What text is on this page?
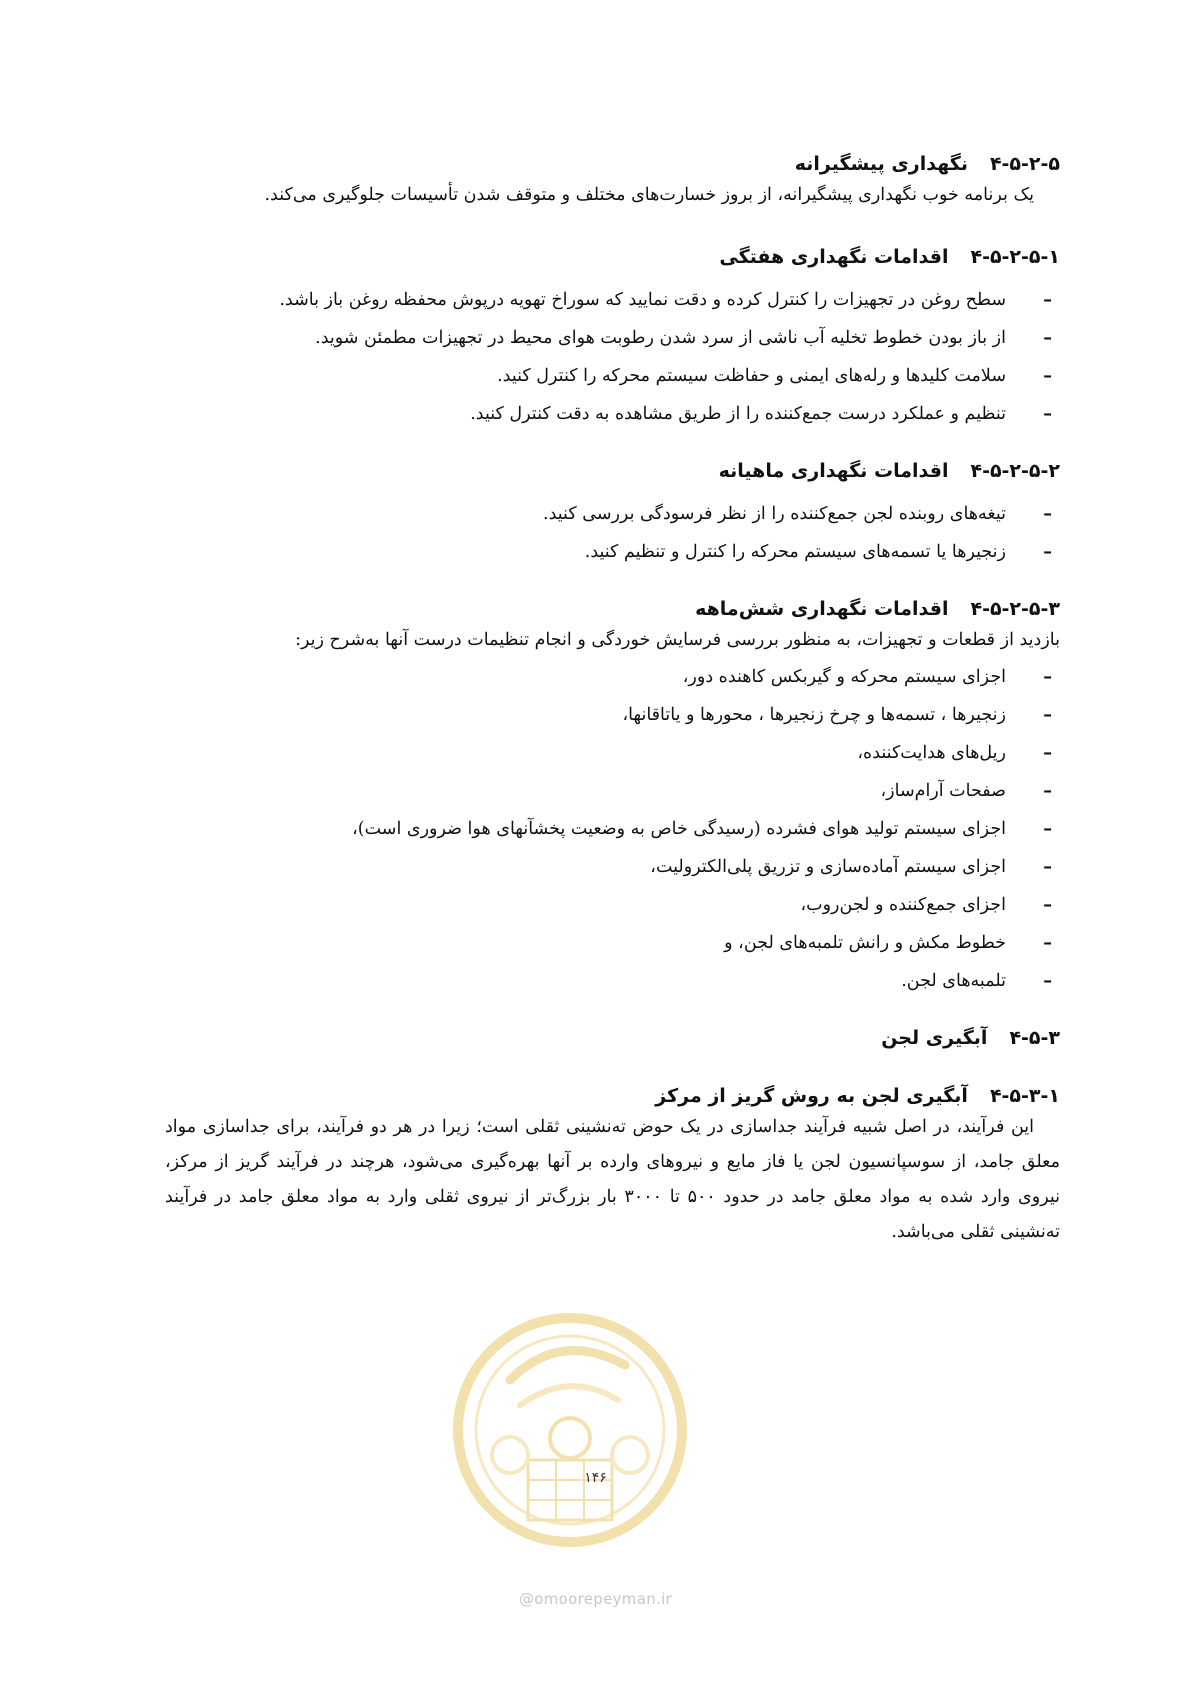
۴-۵-۲-۵نگهداری پیشگیرانه

یک برنامه خوب نگهداری پیشگیرانه، از بروز خسارت‌های مختلف و متوقف شدن تأسیسات جلوگیری می‌کند.

۴-۵-۲-۵-۱اقدامات نگهداری هفتگی
– سطح روغن در تجهیزات را کنترل کرده و دقت نمایید که سوراخ تهویه درپوش محفظه روغن باز باشد.
– از باز بودن خطوط تخلیه آب ناشی از سرد شدن رطوبت هوای محیط در تجهیزات مطمئن شوید.
– سلامت کلیدها و رله‌های ایمنی و حفاظت سیستم محرکه را کنترل کنید.
– تنظیم و عملکرد درست جمع‌کننده را از طریق مشاهده به دقت کنترل کنید.
۴-۵-۲-۵-۲اقدامات نگهداری ماهیانه
– تیغه‌های روبنده لجن جمع‌کننده را از نظر فرسودگی بررسی کنید.
– زنجیرها یا تسمه‌های سیستم محرکه را کنترل و تنظیم کنید.
۴-۵-۲-۵-۳اقدامات نگهداری شش‌ماهه

بازدید از قطعات و تجهیزات، به منظور بررسی فرسایش خوردگی و انجام تنظیمات درست آنها به‌شرح زیر:

– اجزای سیستم محرکه و گیربکس کاهنده دور،
– زنجیرها ، تسمه‌ها و چرخ زنجیرها ، محورها و یاتاقانها،
– ریل‌های هدایت‌کننده،
– صفحات آرام‌ساز،
– اجزای سیستم تولید هوای فشرده (رسیدگی خاص به وضعیت پخشآنهای هوا ضروری است)،
– اجزای سیستم آماده‌سازی و تزریق پلی‌الکترولیت،
– اجزای جمع‌کننده و لجن‌روب،
– خطوط مکش و رانش تلمبه‌های لجن، و
– تلمبه‌های لجن.
۴-۵-۳آبگیری لجن
۴-۵-۳-۱آبگیری لجن به روش گریز از مرکز

این فرآیند، در اصل شبیه فرآیند جداسازی در یک حوض ته‌نشینی ثقلی است؛ زیرا در هر دو فرآیند، برای جداسازی مواد معلق جامد، از سوسپانسیون لجن یا فاز مایع و نیروهای وارده بر آنها بهره‌گیری می‌شود، هرچند در فرآیند گریز از مرکز، نیروی وارد شده به مواد معلق جامد در حدود ۵۰۰ تا ۳۰۰۰ بار بزرگ‌تر از نیروی ثقلی وارد به مواد معلق جامد در فرآیند ته‌نشینی ثقلی می‌باشد.

۱۴۶
@omoorepeyman.ir
